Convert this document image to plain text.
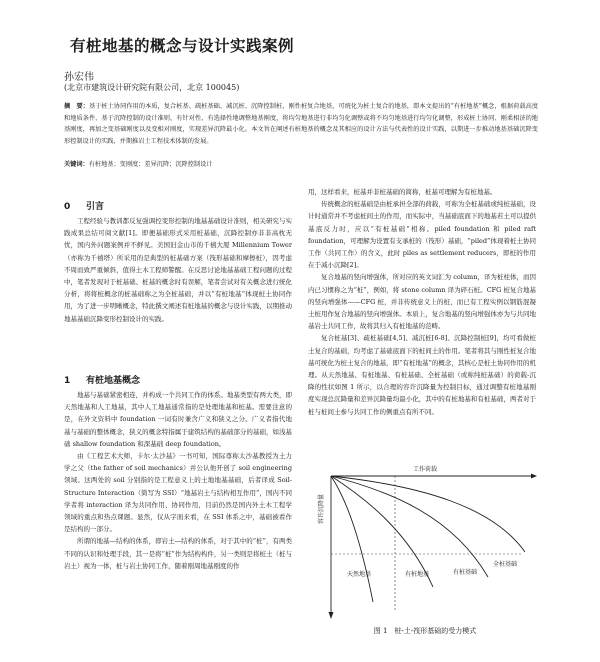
有桩地基的概念与设计实践案例
孙宏伟
(北京市建筑设计研究院有限公司，北京 100045)
摘　要：基于桩土协同作用的本质，复合桩基、疏桩基础、减沉桩、沉降控制桩、刚性桩复合地基，可统化为桩土复合的地基，即本文提出的“有桩地基”概念，根据荷载高度和地质条件，基于沉降控制的设计准则，有针对性、有选择性地调整地基刚度，将均匀地基进行非均匀化调整或将不均匀地基进行均匀化调整，形成桩土协同、刚柔相济的地基刚度，再加之变基础刚度以及变相对刚度，实现差异沉降最小化。本文旨在阐述有桩地基的概念及其相应的设计方法与代表性的设计实践，以期进一步推动地基基础沉降变形控制设计的实践，并期推岩土工程技术体制的发展。
关键词：有桩地基；变刚度；差异沉降；沉降控制设计
0 引言

工程经验与教训都反复强调控变形控制的地基基础设计准则，相关研究与实践成果总结可阅文献[1]。即便基础形式采用桩基础，沉降控制亦非非高枕无忧，国内外问题案例并不鲜见。美国旧金山市的千禧大厦 Millennium Tower（亦称为千禧塔）所采用的是典型的桩基础方案（筏形基础和摩擦桩），因考虑不周而致严重倾斜，值得土木工程师警醒。在反思讨论地基基础工程问题的过程中，笔者发现对于桩基础、桩基的概念时有误解，笔者尝试对有关概念进行统化分析，将将桩概念的桩基础称之为全桩基础，并以“有桩地基”体现桩土协同作用，为了进一步明晰概念，特此撰文阐述有桩地基的概念与设计实践，以期推动地基基础沉降变形控制设计的实践。

1 有桩地基概念

地基与基础紧密相连，并构成一个共同工作的体系。地基类型有两大类，即天然地基和人工地基，其中人工地基通常指的是处理地基和桩基。需要注意的是，在外文资料中 foundation 一词有时兼含广义和狭义之分。广义者指代地基与基础的整体概念，狭义的概念特指属于建筑结构的基础部分的基础，如浅基础 shallow foundation 和深基础 deep foundation。

由《工程艺术大师，卡尔·太沙基》一书可知，国际尊称太沙基教授为土力学之父（the father of soil mechanics）并公认他开创了 soil engineering 领域。这两处的 soil 分别指的是工程意义上的土地地基基础，后者译成 Soil-Structure Interaction（简写为 SSI）“地基岩土与结构相互作用”，国内不同学者将 interaction 译为共同作用、协同作用，目前仍然是国内外土木工程学领域的重点和热点课题。显然，仅从字面来看，在 SSI 体系之中，基础被看作是结构的一部分。

所谓的地基—结构的体系，即岩土—结构的体系，对于其中的“桩”，有两类不同的认识和处理手段，其一是将“桩”作为结构构件，另一类则是将桩土（桩与岩土）视为一体，桩与岩土协同工作，随着刚周地基刚度的作

用，这样看来，桩基并非桩基础的简称，桩基可理解为有桩地基。

传统概念的桩基础是由桩承担全部的荷载，可称为全桩基础或纯桩基础，设计时通常并不考虑桩间土的作用，而实际中，当基础底面下的地基若土可以提供基底反力时，应以“有桩基础”相称。piled foundation 和 piled raft foundation，可理解为设置有支承桩的（筏形）基础，“piled”体现着桩土协同工作（共同工作）的含义，此时 piles as settlement reducers，即桩的作用在于减小沉降[2]。

复合地基的竖向增强体，所对应的英文词汇为 column，译为桩柱体，而因内已习惯称之为“桩”，例如，将 stone column 译为碎石桩。CFG 桩复合地基的竖向增强体——CFG 桩，并非传统意义上的桩，而已有工程实例以钢筋混凝土桩用作复合地基的竖向增强体。本质上，复合地基的竖向增强体亦为与共同地基岩土共同工作，故将其归入有桩地基的范畴。

复合桩基[3]、疏桩基础[4,5]、减沉桩[6-8]、沉降控制桩[9]，均可看做桩土复合的基础，均考虑了基础底面下的桩间土的作用。笔者将其与刚性桩复合地基可统化为桩土复合的地基，即“有桩地基”的概念，其核心是桩土协同作用的机理。从天然地基、有桩地基、有桩基础、全桩基础（或称纯桩基础）的荷载-沉降的性状如图 1 所示，以合理的容许沉降量为控制目标，通过调整有桩地基刚度实现总沉降量和差异沉降量均最小化，其中的有桩地基和有桩基础，两者对于桩与桩间土参与共同工作的侧重点有所不同。

工作荷载
容许沉降量
天然地基	有桩地基	有桩基础
全桩基础
图 1　桩-土-筏形基础的受力模式
